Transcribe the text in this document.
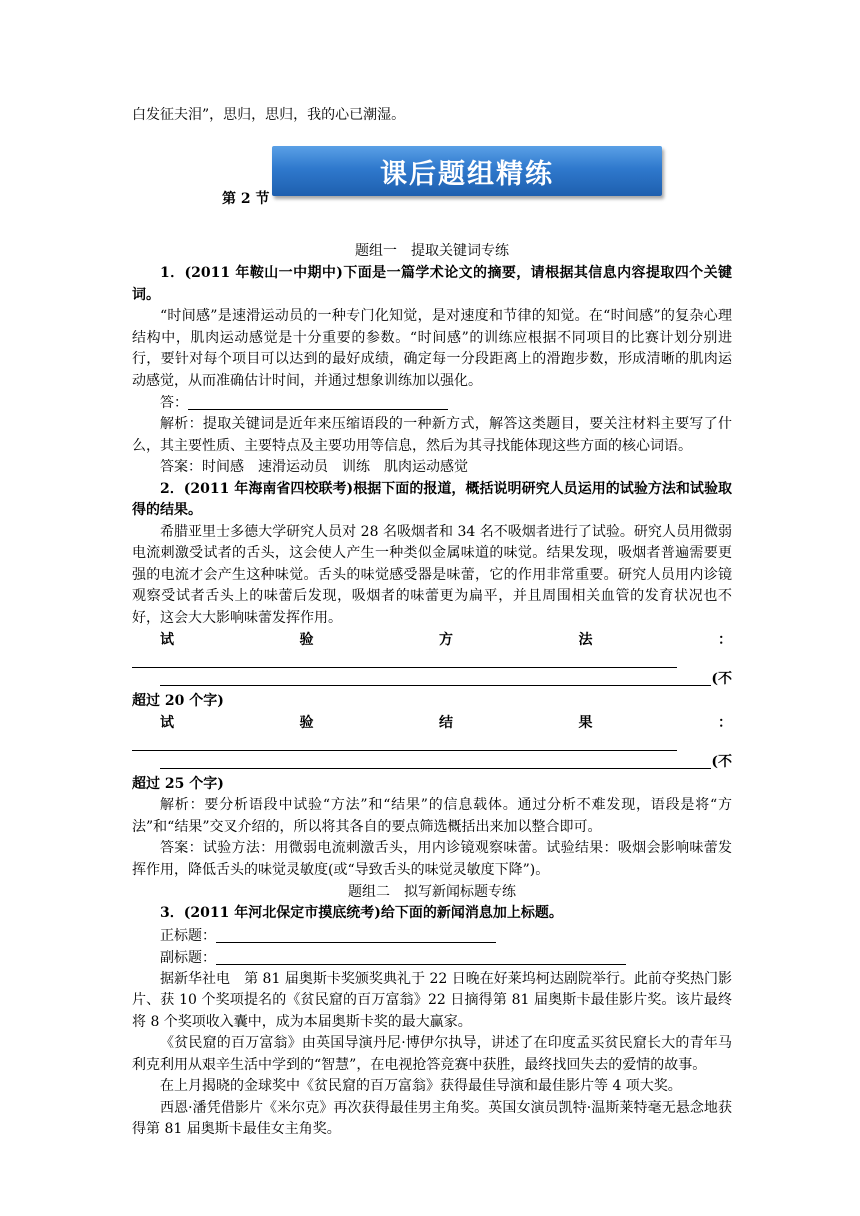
白发征夫泪”，思归，思归，我的心已潮湿。
课后题组精练
第 2 节
题组一　提取关键词专练

1．(2011 年鞍山一中期中)下面是一篇学术论文的摘要，请根据其信息内容提取四个关键词。

“时间感”是速滑运动员的一种专门化知觉，是对速度和节律的知觉。在“时间感”的复杂心理结构中，肌肉运动感觉是十分重要的参数。“时间感”的训练应根据不同项目的比赛计划分别进行，要针对每个项目可以达到的最好成绩，确定每一分段距离上的滑跑步数，形成清晰的肌肉运动感觉，从而准确估计时间，并通过想象训练加以强化。

答：

解析：提取关键词是近年来压缩语段的一种新方式，解答这类题目，要关注材料主要写了什么，其主要性质、主要特点及主要功用等信息，然后为其寻找能体现这些方面的核心词语。

答案：时间感　速滑运动员　训练　肌肉运动感觉

2．(2011 年海南省四校联考)根据下面的报道，概括说明研究人员运用的试验方法和试验取得的结果。

希腊亚里士多德大学研究人员对 28 名吸烟者和 34 名不吸烟者进行了试验。研究人员用微弱电流刺激受试者的舌头，这会使人产生一种类似金属味道的味觉。结果发现，吸烟者普遍需要更强的电流才会产生这种味觉。舌头的味觉感受器是味蕾，它的作用非常重要。研究人员用内诊镜观察受试者舌头上的味蕾后发现，吸烟者的味蕾更为扁平，并且周围相关血管的发育状况也不好，这会大大影响味蕾发挥作用。

试	验	方	法	：
(不
超过 20 个字)
试	验	结	果	：
(不
超过 25 个字)

解析：要分析语段中试验“方法”和“结果”的信息载体。通过分析不难发现，语段是将“方法”和“结果”交叉介绍的，所以将其各自的要点筛选概括出来加以整合即可。

答案：试验方法：用微弱电流刺激舌头，用内诊镜观察味蕾。试验结果：吸烟会影响味蕾发挥作用，降低舌头的味觉灵敏度(或“导致舌头的味觉灵敏度下降”)。

题组二　拟写新闻标题专练

3．(2011 年河北保定市摸底统考)给下面的新闻消息加上标题。

正标题：
副标题：

据新华社电　第 81 届奥斯卡奖颁奖典礼于 22 日晚在好莱坞柯达剧院举行。此前夺奖热门影片、获 10 个奖项提名的《贫民窟的百万富翁》22 日摘得第 81 届奥斯卡最佳影片奖。该片最终将 8 个奖项收入囊中，成为本届奥斯卡奖的最大赢家。

《贫民窟的百万富翁》由英国导演丹尼·博伊尔执导，讲述了在印度孟买贫民窟长大的青年马利克利用从艰辛生活中学到的“智慧”，在电视抢答竞赛中获胜，最终找回失去的爱情的故事。

在上月揭晓的金球奖中《贫民窟的百万富翁》获得最佳导演和最佳影片等 4 项大奖。

西恩·潘凭借影片《米尔克》再次获得最佳男主角奖。英国女演员凯特·温斯莱特毫无悬念地获得第 81 届奥斯卡最佳女主角奖。
